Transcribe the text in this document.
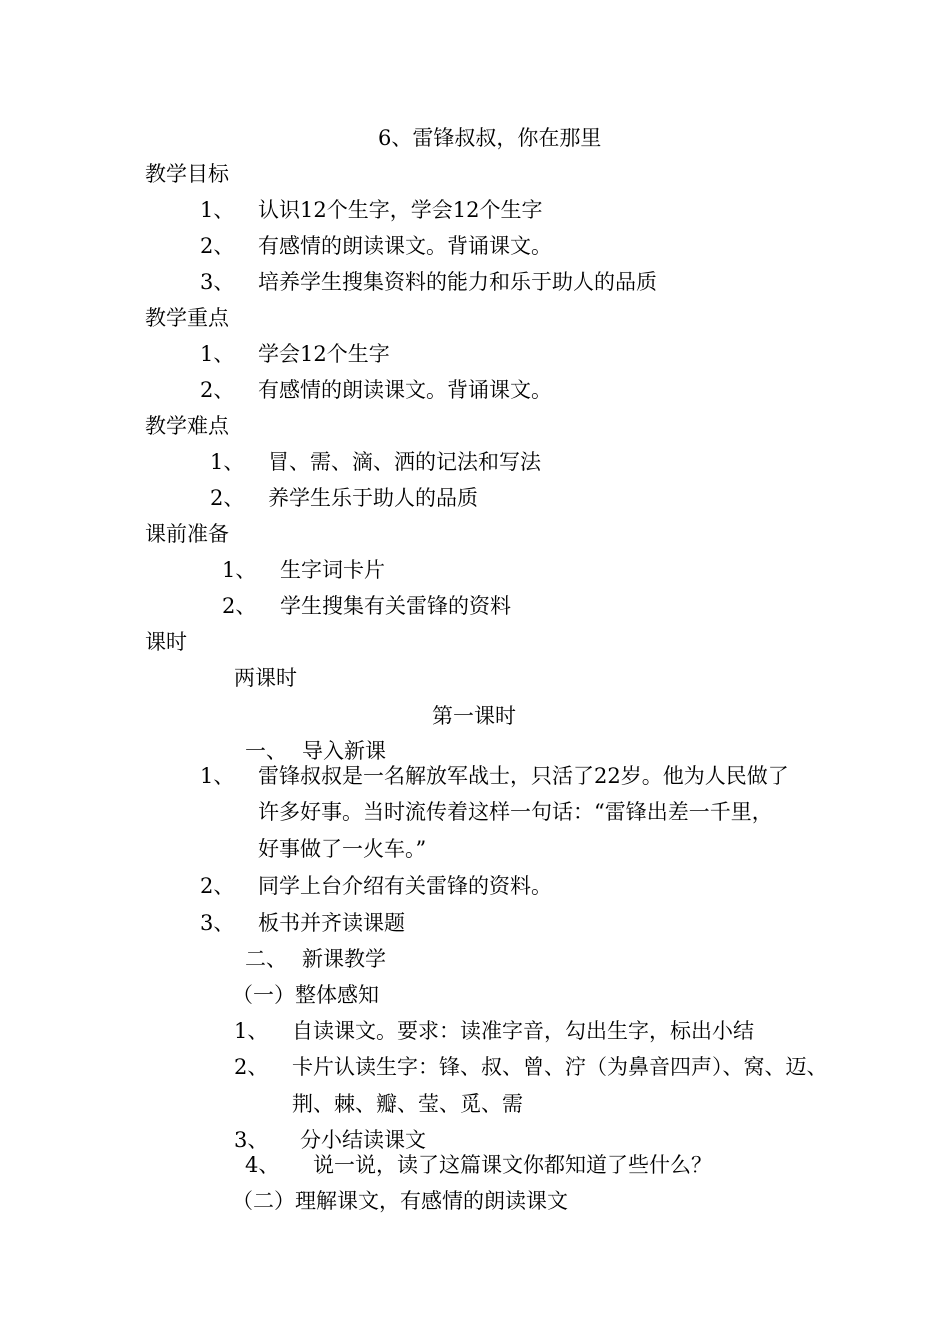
6、雷锋叔叔，你在那里
教学目标
1、 认识12个生字，学会12个生字
2、 有感情的朗读课文。背诵课文。
3、 培养学生搜集资料的能力和乐于助人的品质
教学重点
1、 学会12个生字
2、 有感情的朗读课文。背诵课文。
教学难点
1、 冒、需、滴、洒的记法和写法
2、 养学生乐于助人的品质
课前准备
1、 生字词卡片
2、 学生搜集有关雷锋的资料
课时
两课时
第一课时
一、 导入新课
1、 雷锋叔叔是一名解放军战士，只活了22岁。他为人民做了
许多好事。当时流传着这样一句话：“雷锋出差一千里，
好事做了一火车。”
2、 同学上台介绍有关雷锋的资料。
3、 板书并齐读课题
二、 新课教学
（一）整体感知
1、 自读课文。要求：读准字音，勾出生字，标出小结
2、 卡片认读生字：锋、叔、曾、泞（为鼻音四声）、窝、迈、
荆、棘、瓣、莹、觅、需
3、 分小结读课文
4、 说一说，读了这篇课文你都知道了些什么？
（二）理解课文，有感情的朗读课文
